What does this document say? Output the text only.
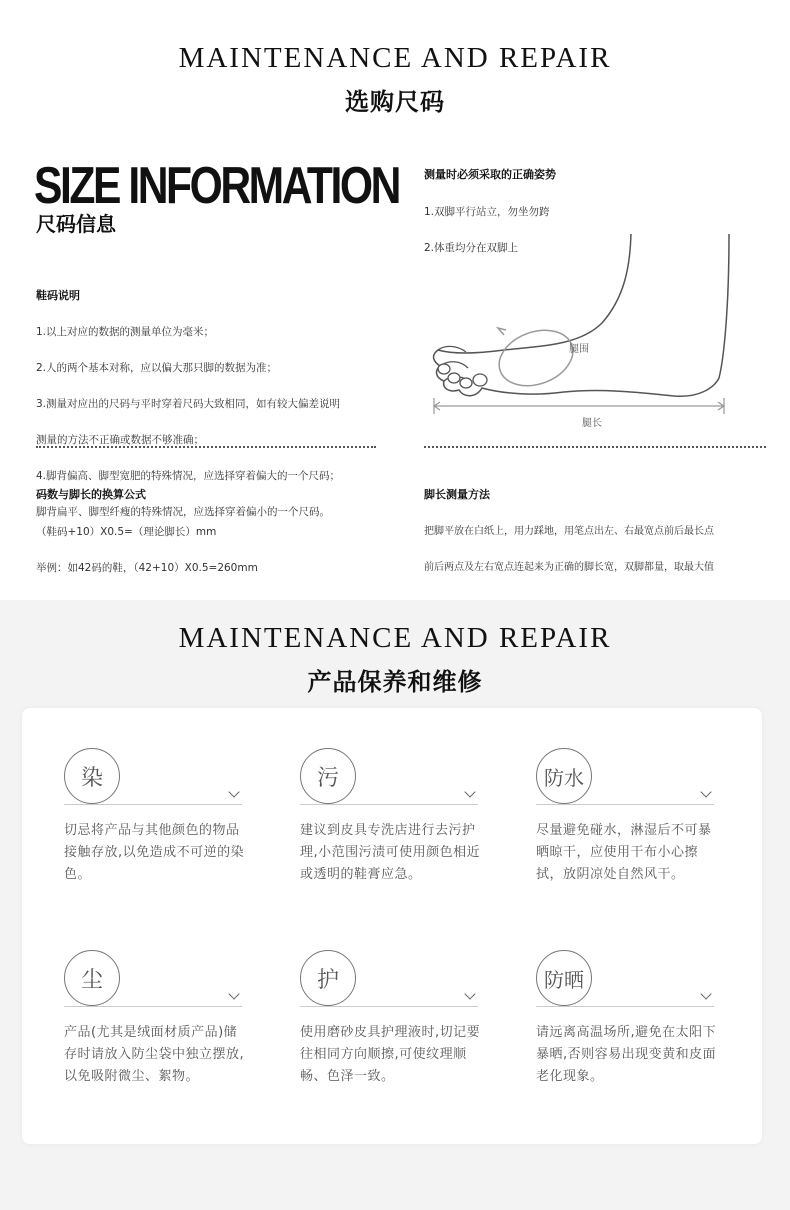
MAINTENANCE AND REPAIR
选购尺码
SIZE INFORMATION
尺码信息
测量时必须采取的正确姿势

1.双脚平行站立，勿坐勿跨

2.体重均分在双脚上

腿围
腿长
鞋码说明

1.以上对应的数据的测量单位为毫米；

2.人的两个基本对称，应以偏大那只脚的数据为准；

3.测量对应出的尺码与平时穿着尺码大致相同，如有较大偏差说明

测量的方法不正确或数据不够准确；

4.脚背偏高、脚型宽肥的特殊情况，应选择穿着偏大的一个尺码；

脚背扁平、脚型纤瘦的特殊情况，应选择穿着偏小的一个尺码。

码数与脚长的换算公式

（鞋码+10）X0.5=（理论脚长）mm

举例：如42码的鞋，（42+10）X0.5=260mm

脚长测量方法

把脚平放在白纸上，用力踩地，用笔点出左、右最宽点前后最长点

前后两点及左右宽点连起来为正确的脚长宽，双脚都量，取最大值

MAINTENANCE AND REPAIR
产品保养和维修
染
切忌将产品与其他颜色的物品接触存放,以免造成不可逆的染色。
污
建议到皮具专洗店进行去污护理,小范围污渍可使用颜色相近或透明的鞋膏应急。
防水
尽量避免碰水，淋湿后不可暴晒晾干，应使用干布小心擦拭，放阴凉处自然风干。
尘
产品(尤其是绒面材质产品)储存时请放入防尘袋中独立摆放,以免吸附微尘、絮物。
护
使用磨砂皮具护理液时,切记要往相同方向顺擦,可使纹理顺畅、色泽一致。
防晒
请远离高温场所,避免在太阳下暴晒,否则容易出现变黄和皮面老化现象。
